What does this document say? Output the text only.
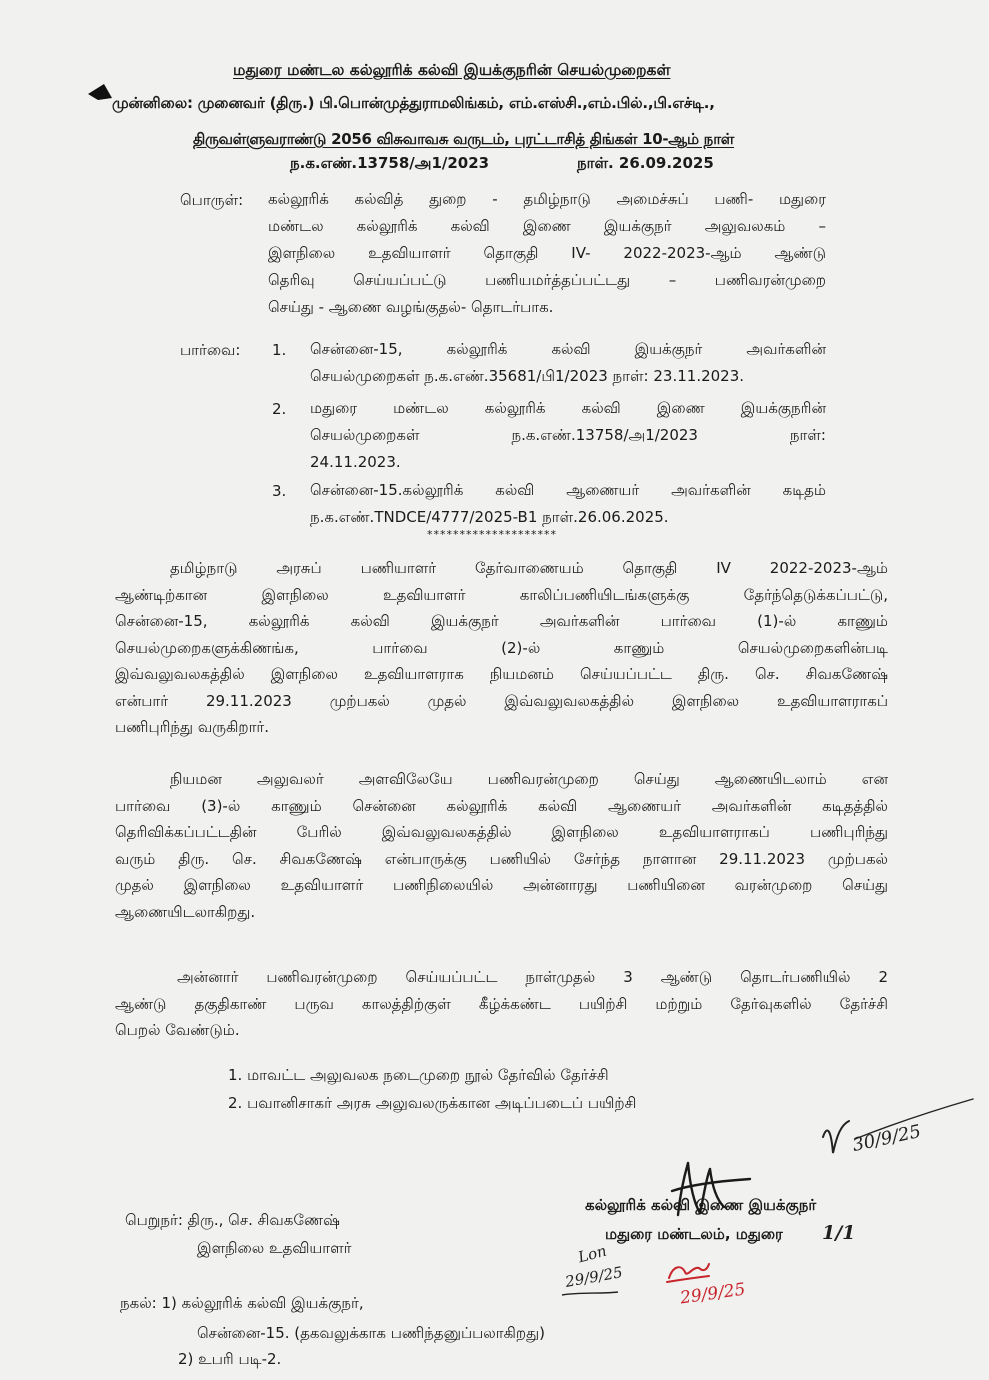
மதுரை மண்டல கல்லூரிக் கல்வி இயக்குநரின் செயல்முறைகள்
முன்னிலை: முனைவர் (திரு.) பி.பொன்முத்துராமலிங்கம், எம்.எஸ்சி.,எம்.பில்.,பி.எச்டி.,
திருவள்ளுவராண்டு 2056 விசுவாவசு வருடம், புரட்டாசித் திங்கள் 10-ஆம் நாள்
ந.க.எண்.13758/அ1/2023	நாள். 26.09.2025
பொருள்: கல்லூரிக் கல்வித் துறை - தமிழ்நாடு அமைச்சுப் பணி- மதுரை
மண்டல கல்லூரிக் கல்வி இணை இயக்குநர் அலுவலகம் –
இளநிலை உதவியாளர் தொகுதி IV- 2022-2023-ஆம் ஆண்டு
தெரிவு செய்யப்பட்டு பணியமர்த்தப்பட்டது – பணிவரன்முறை
செய்து - ஆணை வழங்குதல்- தொடர்பாக.
பார்வை: 1. சென்னை-15, கல்லூரிக் கல்வி இயக்குநர் அவர்களின்
செயல்முறைகள் ந.க.எண்.35681/பி1/2023 நாள்: 23.11.2023.
2. மதுரை மண்டல கல்லூரிக் கல்வி இணை இயக்குநரின்
செயல்முறைகள் ந.க.எண்.13758/அ1/2023 நாள்:
24.11.2023.
3. சென்னை-15.கல்லூரிக் கல்வி ஆணையர் அவர்களின் கடிதம்
ந.க.எண்.TNDCE/4777/2025-B1 நாள்.26.06.2025.
********************
தமிழ்நாடு அரசுப் பணியாளர் தேர்வாணையம் தொகுதி IV 2022-2023-ஆம்
ஆண்டிற்கான இளநிலை உதவியாளர் காலிப்பணியிடங்களுக்கு தேர்ந்தெடுக்கப்பட்டு,
சென்னை-15, கல்லூரிக் கல்வி இயக்குநர் அவர்களின் பார்வை (1)-ல் காணும்
செயல்முறைகளுக்கிணங்க, பார்வை (2)-ல் காணும் செயல்முறைகளின்படி
இவ்வலுவலகத்தில் இளநிலை உதவியாளராக நியமனம் செய்யப்பட்ட திரு. செ. சிவகணேஷ்
என்பார் 29.11.2023 முற்பகல் முதல் இவ்வலுவலகத்தில் இளநிலை உதவியாளராகப்
பணிபுரிந்து வருகிறார்.
நியமன அலுவலர் அளவிலேயே பணிவரன்முறை செய்து ஆணையிடலாம் என
பார்வை (3)-ல் காணும் சென்னை கல்லூரிக் கல்வி ஆணையர் அவர்களின் கடிதத்தில்
தெரிவிக்கப்பட்டதின் பேரில் இவ்வலுவலகத்தில் இளநிலை உதவியாளராகப் பணிபுரிந்து
வரும் திரு. செ. சிவகணேஷ் என்பாருக்கு பணியில் சேர்ந்த நாளான 29.11.2023 முற்பகல்
முதல் இளநிலை உதவியாளர் பணிநிலையில் அன்னாரது பணியினை வரன்முறை செய்து
ஆணையிடலாகிறது.
அன்னார் பணிவரன்முறை செய்யப்பட்ட நாள்முதல் 3 ஆண்டு தொடர்பணியில் 2
ஆண்டு தகுதிகாண் பருவ காலத்திற்குள் கீழ்க்கண்ட பயிற்சி மற்றும் தேர்வுகளில் தேர்ச்சி
பெறல் வேண்டும்.
1. மாவட்ட அலுவலக நடைமுறை நூல் தேர்வில் தேர்ச்சி
2. பவானிசாகர் அரசு அலுவலருக்கான அடிப்படைப் பயிற்சி
கல்லூரிக் கல்வி இணை இயக்குநர்
மதுரை மண்டலம், மதுரை
பெறுநர்: திரு., செ. சிவகணேஷ்
இளநிலை உதவியாளர்
நகல்: 1) கல்லூரிக் கல்வி இயக்குநர்,
சென்னை-15. (தகவலுக்காக பணிந்தனுப்பலாகிறது)
2) உபரி படி-2.
30/9/25
1/1
Lon
29/9/25
29/9/25
